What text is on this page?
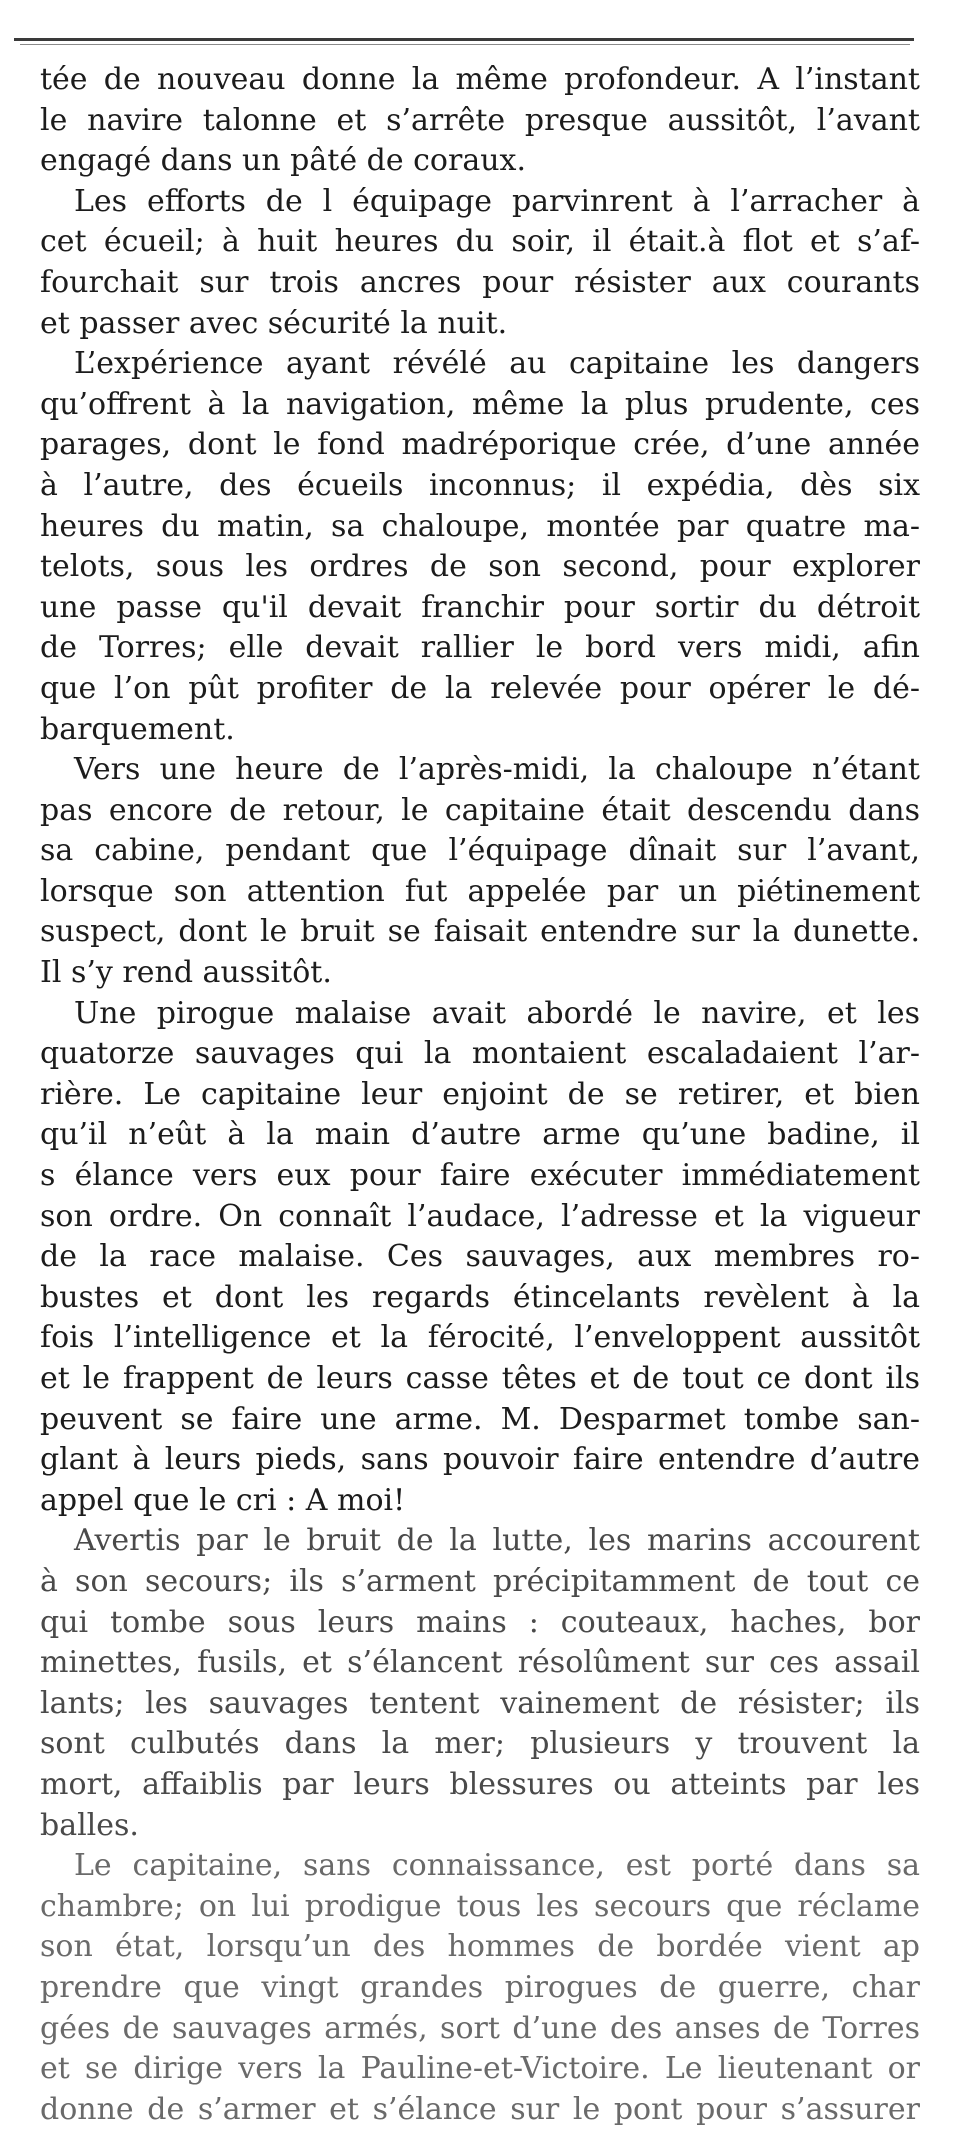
tée de nouveau donne la même profondeur. A l’instant
le navire talonne et s’arrête presque aussitôt, l’avant
engagé dans un pâté de coraux.
Les efforts de l équipage parvinrent à l’arracher à
cet écueil; à huit heures du soir, il était.à flot et s’af-
fourchait sur trois ancres pour résister aux courants
et passer avec sécurité la nuit.
L’expérience ayant révélé au capitaine les dangers
qu’offrent à la navigation, même la plus prudente, ces
parages, dont le fond madréporique crée, d’une année
à l’autre, des écueils inconnus; il expédia, dès six
heures du matin, sa chaloupe, montée par quatre ma-
telots, sous les ordres de son second, pour explorer
une passe qu'il devait franchir pour sortir du détroit
de Torres; elle devait rallier le bord vers midi, afin
que l’on pût profiter de la relevée pour opérer le dé-
barquement.
Vers une heure de l’après-midi, la chaloupe n’étant
pas encore de retour, le capitaine était descendu dans
sa cabine, pendant que l’équipage dînait sur l’avant,
lorsque son attention fut appelée par un piétinement
suspect, dont le bruit se faisait entendre sur la dunette.
Il s’y rend aussitôt.
Une pirogue malaise avait abordé le navire, et les
quatorze sauvages qui la montaient escaladaient l’ar-
rière. Le capitaine leur enjoint de se retirer, et bien
qu’il n’eût à la main d’autre arme qu’une badine, il
s élance vers eux pour faire exécuter immédiatement
son ordre. On connaît l’audace, l’adresse et la vigueur
de la race malaise. Ces sauvages, aux membres ro-
bustes et dont les regards étincelants revèlent à la
fois l’intelligence et la férocité, l’enveloppent aussitôt
et le frappent de leurs casse têtes et de tout ce dont ils
peuvent se faire une arme. M. Desparmet tombe san-
glant à leurs pieds, sans pouvoir faire entendre d’autre
appel que le cri : A moi!
Avertis par le bruit de la lutte, les marins accourent
à son secours; ils s’arment précipitamment de tout ce
qui tombe sous leurs mains : couteaux, haches, bor
minettes, fusils, et s’élancent résolûment sur ces assail
lants; les sauvages tentent vainement de résister; ils
sont culbutés dans la mer; plusieurs y trouvent la
mort, affaiblis par leurs blessures ou atteints par les
balles.
Le capitaine, sans connaissance, est porté dans sa
chambre; on lui prodigue tous les secours que réclame
son état, lorsqu’un des hommes de bordée vient ap
prendre que vingt grandes pirogues de guerre, char
gées de sauvages armés, sort d’une des anses de Torres
et se dirige vers la Pauline-et-Victoire. Le lieutenant or
donne de s’armer et s’élance sur le pont pour s’assurer
